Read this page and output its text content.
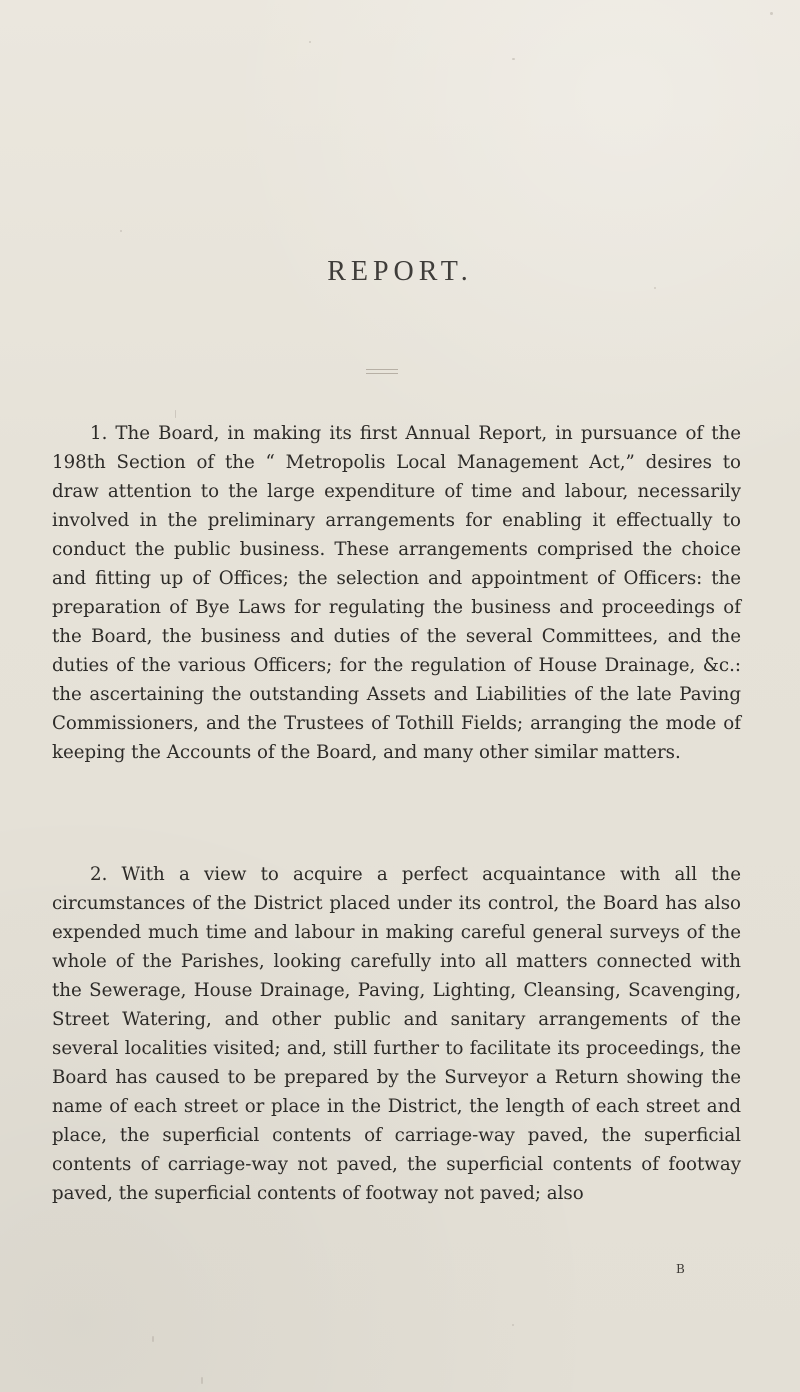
REPORT.

1. The Board, in making its first Annual Report, in pursuance of the 198th Section of the “ Metropolis Local Management Act,” desires to draw attention to the large expenditure of time and labour, necessarily involved in the preliminary arrangements for enabling it effectually to conduct the public business. These arrangements comprised the choice and fitting up of Offices; the selection and appointment of Officers: the preparation of Bye Laws for regulating the business and proceedings of the Board, the business and duties of the several Committees, and the duties of the various Officers; for the regulation of House Drainage, &c.: the ascertaining the outstanding Assets and Liabilities of the late Paving Commissioners, and the Trustees of Tothill Fields; arranging the mode of keeping the Accounts of the Board, and many other similar matters.

2. With a view to acquire a perfect acquaintance with all the circumstances of the District placed under its control, the Board has also expended much time and labour in making careful general surveys of the whole of the Parishes, looking carefully into all matters connected with the Sewerage, House Drainage, Paving, Lighting, Cleansing, Scavenging, Street Watering, and other public and sanitary arrangements of the several localities visited; and, still further to facilitate its proceedings, the Board has caused to be prepared by the Surveyor a Return showing the name of each street or place in the District, the length of each street and place, the superficial contents of carriage-way paved, the superficial contents of carriage-way not paved, the superficial contents of footway paved, the superficial contents of footway not paved; also

B
